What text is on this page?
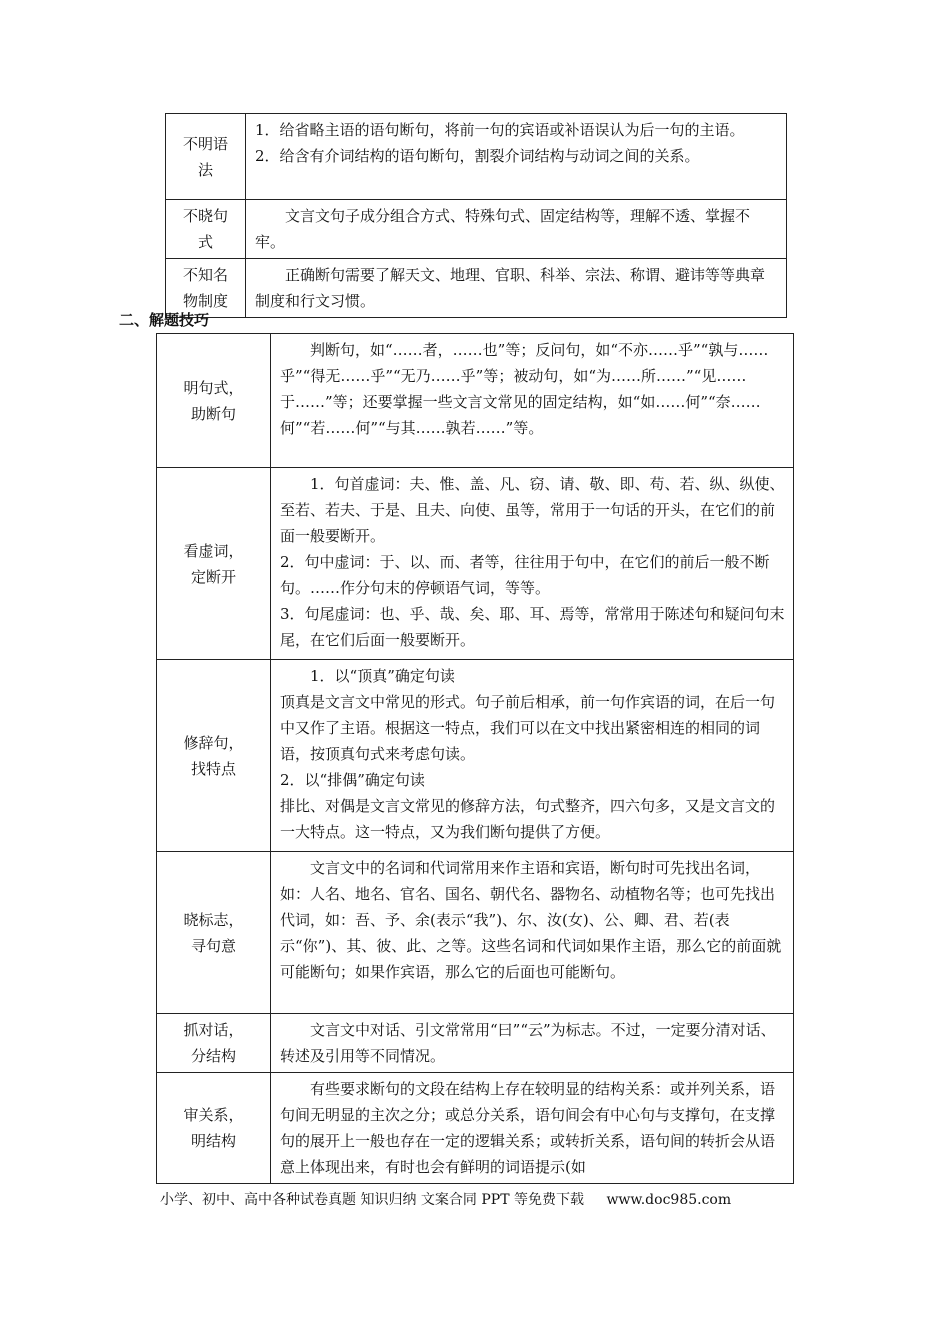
不明语
法	1．给省略主语的语句断句，将前一句的宾语或补语误认为后一句的主语。
2．给含有介词结构的语句断句，割裂介词结构与动词之间的关系。

不晓句
式	文言文句子成分组合方式、特殊句式、固定结构等，理解不透、掌握不牢。

不知名
物制度	正确断句需要了解天文、地理、官职、科举、宗法、称谓、避讳等等典章制度和行文习惯。
二、解题技巧
明句式，
助断句	判断句，如“……者，……也”等；反问句，如“不亦……乎”“孰与……乎”“得无……乎”“无乃……乎”等；被动句，如“为……所……”“见……于……”等；还要掌握一些文言文常见的固定结构，如“如……何”“奈……何”“若……何”“与其……孰若……”等。

看虚词，
定断开	1．句首虚词：夫、惟、盖、凡、窃、请、敬、即、苟、若、纵、纵使、至若、若夫、于是、且夫、向使、虽等，常用于一句话的开头，在它们的前面一般要断开。
2．句中虚词：于、以、而、者等，往往用于句中，在它们的前后一般不断句。……作分句末的停顿语气词，等等。
3．句尾虚词：也、乎、哉、矣、耶、耳、焉等，常常用于陈述句和疑问句末尾，在它们后面一般要断开。

修辞句，
找特点	1．以“顶真”确定句读
顶真是文言文中常见的形式。句子前后相承，前一句作宾语的词，在后一句中又作了主语。根据这一特点，我们可以在文中找出紧密相连的相同的词语，按顶真句式来考虑句读。
2．以“排偶”确定句读
排比、对偶是文言文常见的修辞方法，句式整齐，四六句多，又是文言文的一大特点。这一特点，又为我们断句提供了方便。

晓标志，
寻句意	文言文中的名词和代词常用来作主语和宾语，断句时可先找出名词，如：人名、地名、官名、国名、朝代名、器物名、动植物名等；也可先找出代词，如：吾、予、余(表示“我”)、尔、汝(女)、公、卿、君、若(表示“你”)、其、彼、此、之等。这些名词和代词如果作主语，那么它的前面就可能断句；如果作宾语，那么它的后面也可能断句。

抓对话，
分结构	文言文中对话、引文常常用“曰”“云”为标志。不过，一定要分清对话、转述及引用等不同情况。

审关系，
明结构	有些要求断句的文段在结构上存在较明显的结构关系：或并列关系，语句间无明显的主次之分；或总分关系，语句间会有中心句与支撑句，在支撑句的展开上一般也存在一定的逻辑关系；或转折关系，语句间的转折会从语意上体现出来，有时也会有鲜明的词语提示(如
小学、初中、高中各种试卷真题 知识归纳 文案合同 PPT 等免费下载 www.doc985.com
